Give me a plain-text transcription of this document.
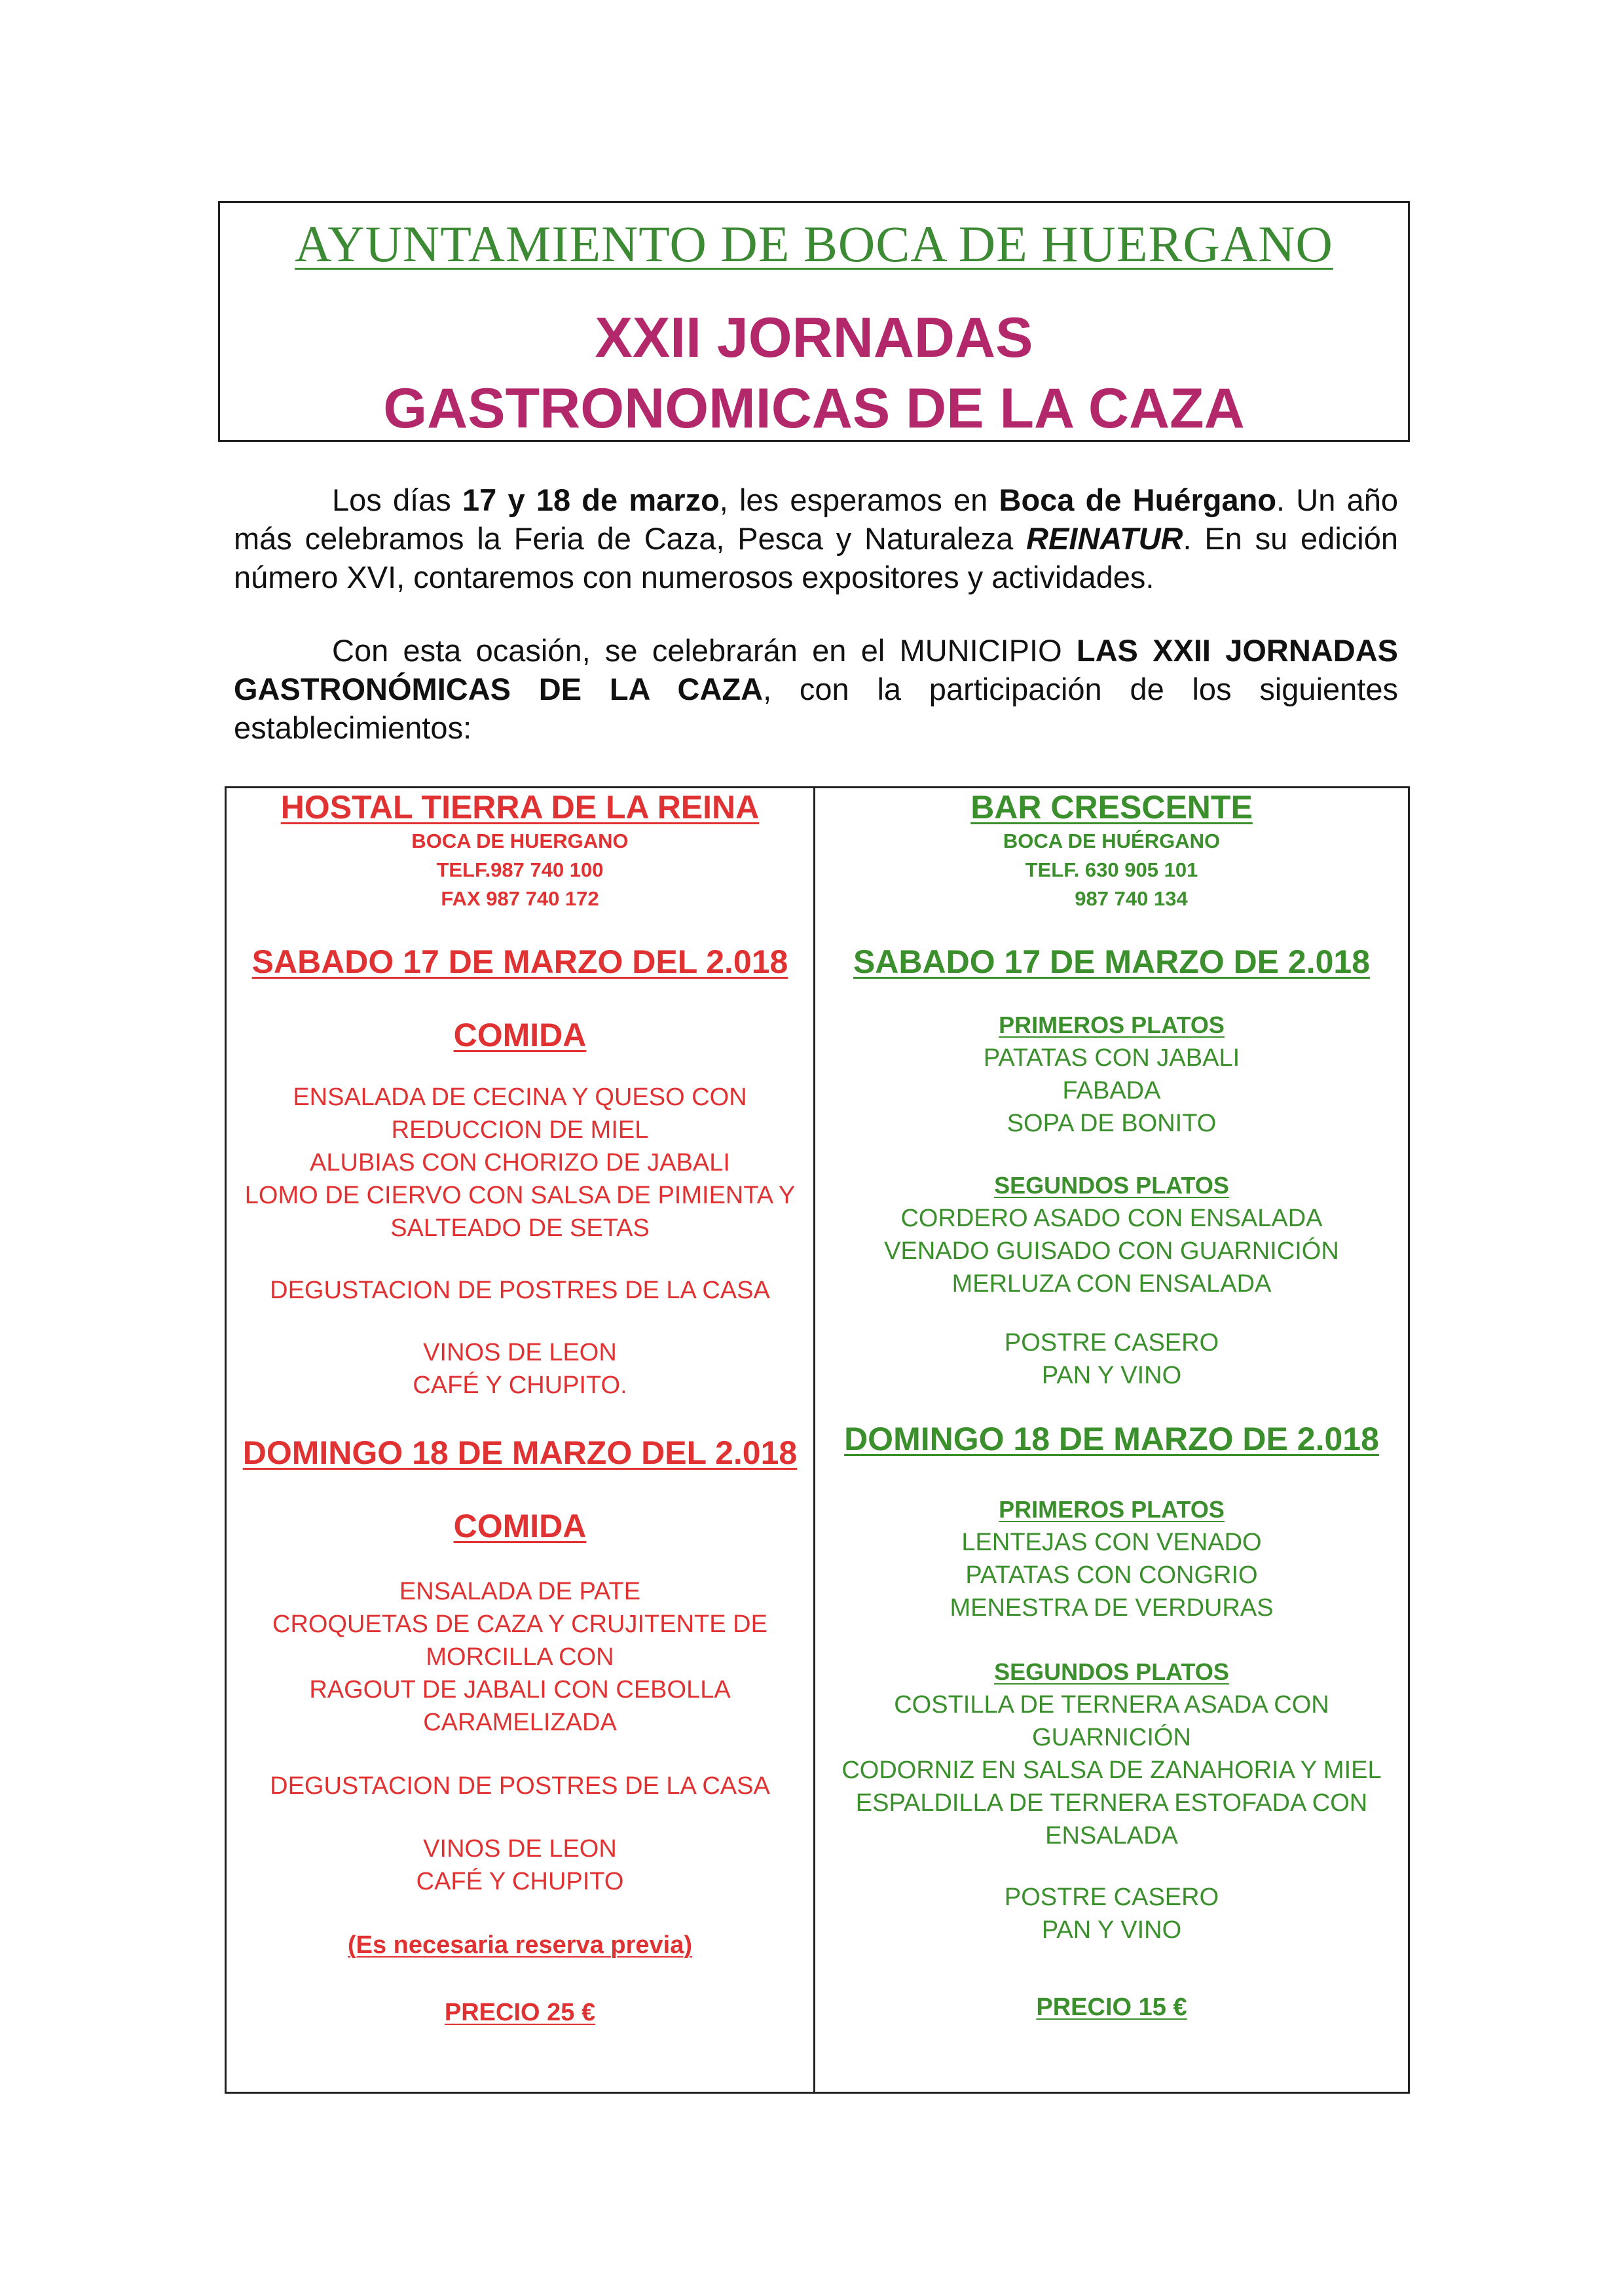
AYUNTAMIENTO DE BOCA DE HUERGANO
XXII JORNADAS
GASTRONOMICAS DE LA CAZA

Los días 17 y 18 de marzo, les esperamos en Boca de Huérgano. Un año más celebramos la Feria de Caza, Pesca y Naturaleza REINATUR. En su edición número XVI, contaremos con numerosos expositores y actividades.

Con esta ocasión, se celebrarán en el MUNICIPIO LAS XXII JORNADAS GASTRONÓMICAS DE LA CAZA, con la participación de los siguientes establecimientos:

HOSTAL TIERRA DE LA REINA
BOCA DE HUERGANO
TELF.987 740 100
FAX 987 740 172
SABADO 17 DE MARZO DEL 2.018
COMIDA

ENSALADA DE CECINA Y QUESO CON

REDUCCION DE MIEL

ALUBIAS CON CHORIZO DE JABALI

LOMO DE CIERVO CON SALSA DE PIMIENTA Y

SALTEADO DE SETAS

DEGUSTACION DE POSTRES DE LA CASA

VINOS DE LEON

CAFÉ Y CHUPITO.

DOMINGO 18 DE MARZO DEL 2.018
COMIDA

ENSALADA DE PATE

CROQUETAS DE CAZA Y CRUJITENTE DE

MORCILLA CON

RAGOUT DE JABALI CON CEBOLLA

CARAMELIZADA

DEGUSTACION DE POSTRES DE LA CASA

VINOS DE LEON

CAFÉ Y CHUPITO

(Es necesaria reserva previa)

PRECIO 25 €

BAR CRESCENTE
BOCA DE HUÉRGANO
TELF. 630 905 101
987 740 134
SABADO 17 DE MARZO DE 2.018

PRIMEROS PLATOS

PATATAS CON JABALI

FABADA

SOPA DE BONITO

SEGUNDOS PLATOS

CORDERO ASADO CON ENSALADA

VENADO GUISADO CON GUARNICIÓN

MERLUZA CON ENSALADA

POSTRE CASERO

PAN Y VINO

DOMINGO 18 DE MARZO DE 2.018

PRIMEROS PLATOS

LENTEJAS CON VENADO

PATATAS CON CONGRIO

MENESTRA DE VERDURAS

SEGUNDOS PLATOS

COSTILLA DE TERNERA ASADA CON

GUARNICIÓN

CODORNIZ EN SALSA DE ZANAHORIA Y MIEL

ESPALDILLA DE TERNERA ESTOFADA CON

ENSALADA

POSTRE CASERO

PAN Y VINO

PRECIO 15 €
